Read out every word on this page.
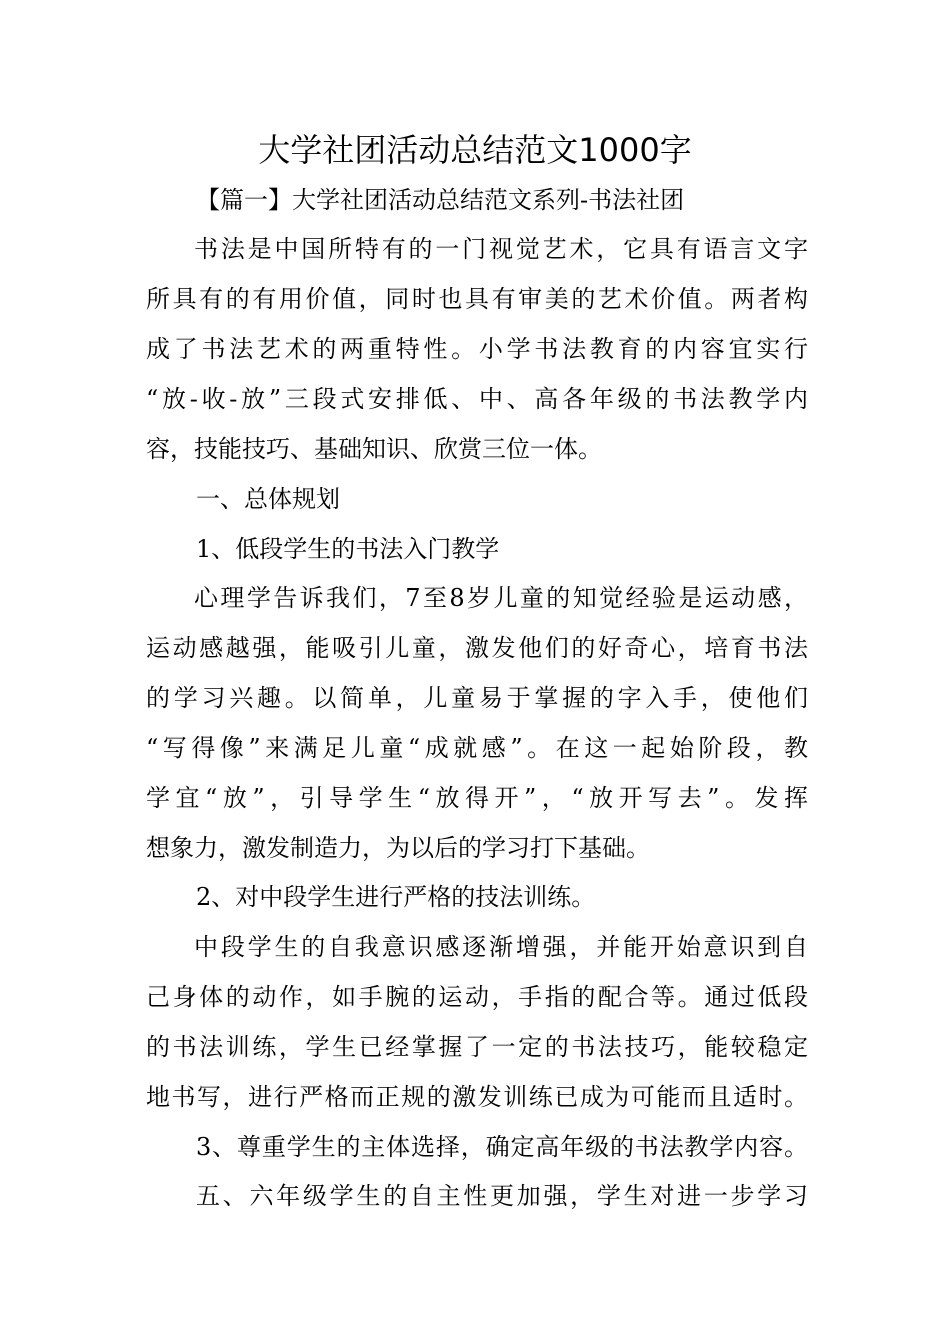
大学社团活动总结范文1000字
【篇一】大学社团活动总结范文系列-书法社团
书法是中国所特有的一门视觉艺术，它具有语言文字
所具有的有用价值，同时也具有审美的艺术价值。两者构
成了书法艺术的两重特性。小学书法教育的内容宜实行
“放-收-放”三段式安排低、中、高各年级的书法教学内
容，技能技巧、基础知识、欣赏三位一体。
一、总体规划
1、低段学生的书法入门教学
心理学告诉我们，7至8岁儿童的知觉经验是运动感，
运动感越强，能吸引儿童，激发他们的好奇心，培育书法
的学习兴趣。以简单，儿童易于掌握的字入手，使他们
“写得像”来满足儿童“成就感”。在这一起始阶段，教
学宜“放”，引导学生“放得开”，“放开写去”。发挥
想象力，激发制造力，为以后的学习打下基础。
2、对中段学生进行严格的技法训练。
中段学生的自我意识感逐渐增强，并能开始意识到自
己身体的动作，如手腕的运动，手指的配合等。通过低段
的书法训练，学生已经掌握了一定的书法技巧，能较稳定
地书写，进行严格而正规的激发训练已成为可能而且适时。
3、尊重学生的主体选择，确定高年级的书法教学内容。
五、六年级学生的自主性更加强，学生对进一步学习
